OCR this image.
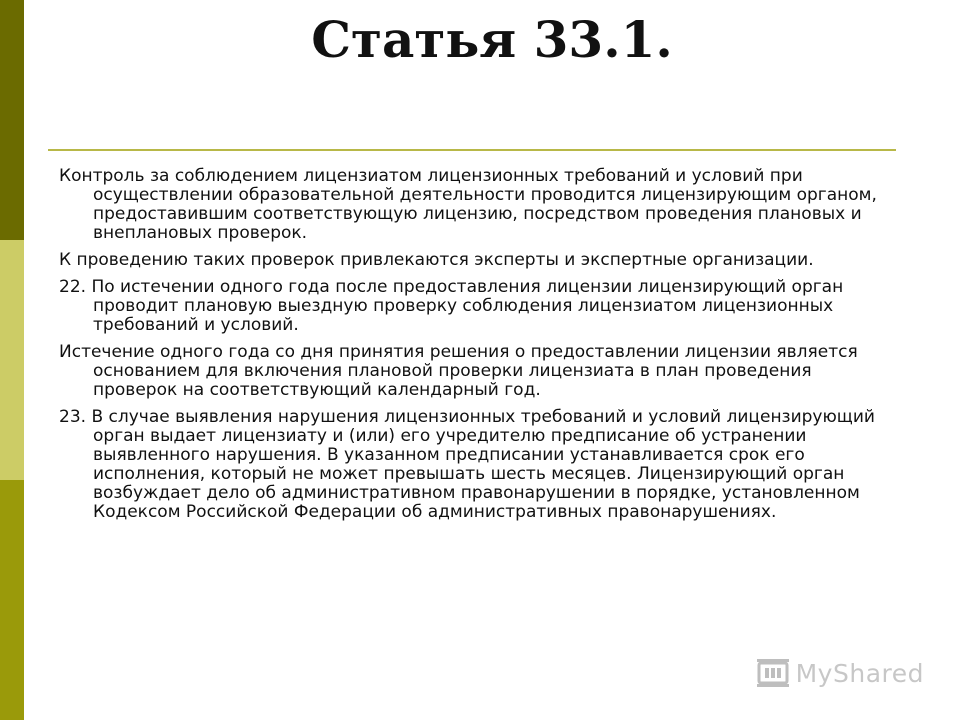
Статья 33.1.

Контроль за соблюдением лицензиатом лицензионных требований и условий при осуществлении образовательной деятельности проводится лицензирующим органом, предоставившим соответствующую лицензию, посредством проведения плановых и внеплановых проверок.

К проведению таких проверок привлекаются эксперты и экспертные организации.

22. По истечении одного года после предоставления лицензии лицензирующий орган проводит плановую выездную проверку соблюдения лицензиатом лицензионных требований и условий.

Истечение одного года со дня принятия решения о предоставлении лицензии является основанием для включения плановой проверки лицензиата в план проведения проверок на соответствующий календарный год.

23. В случае выявления нарушения лицензионных требований и условий лицензирующий орган выдает лицензиату и (или) его учредителю предписание об устранении выявленного нарушения. В указанном предписании устанавливается срок его исполнения, который не может превышать шесть месяцев. Лицензирующий орган возбуждает дело об административном правонарушении в порядке, установленном Кодексом Российской Федерации об административных правонарушениях.

MyShared
